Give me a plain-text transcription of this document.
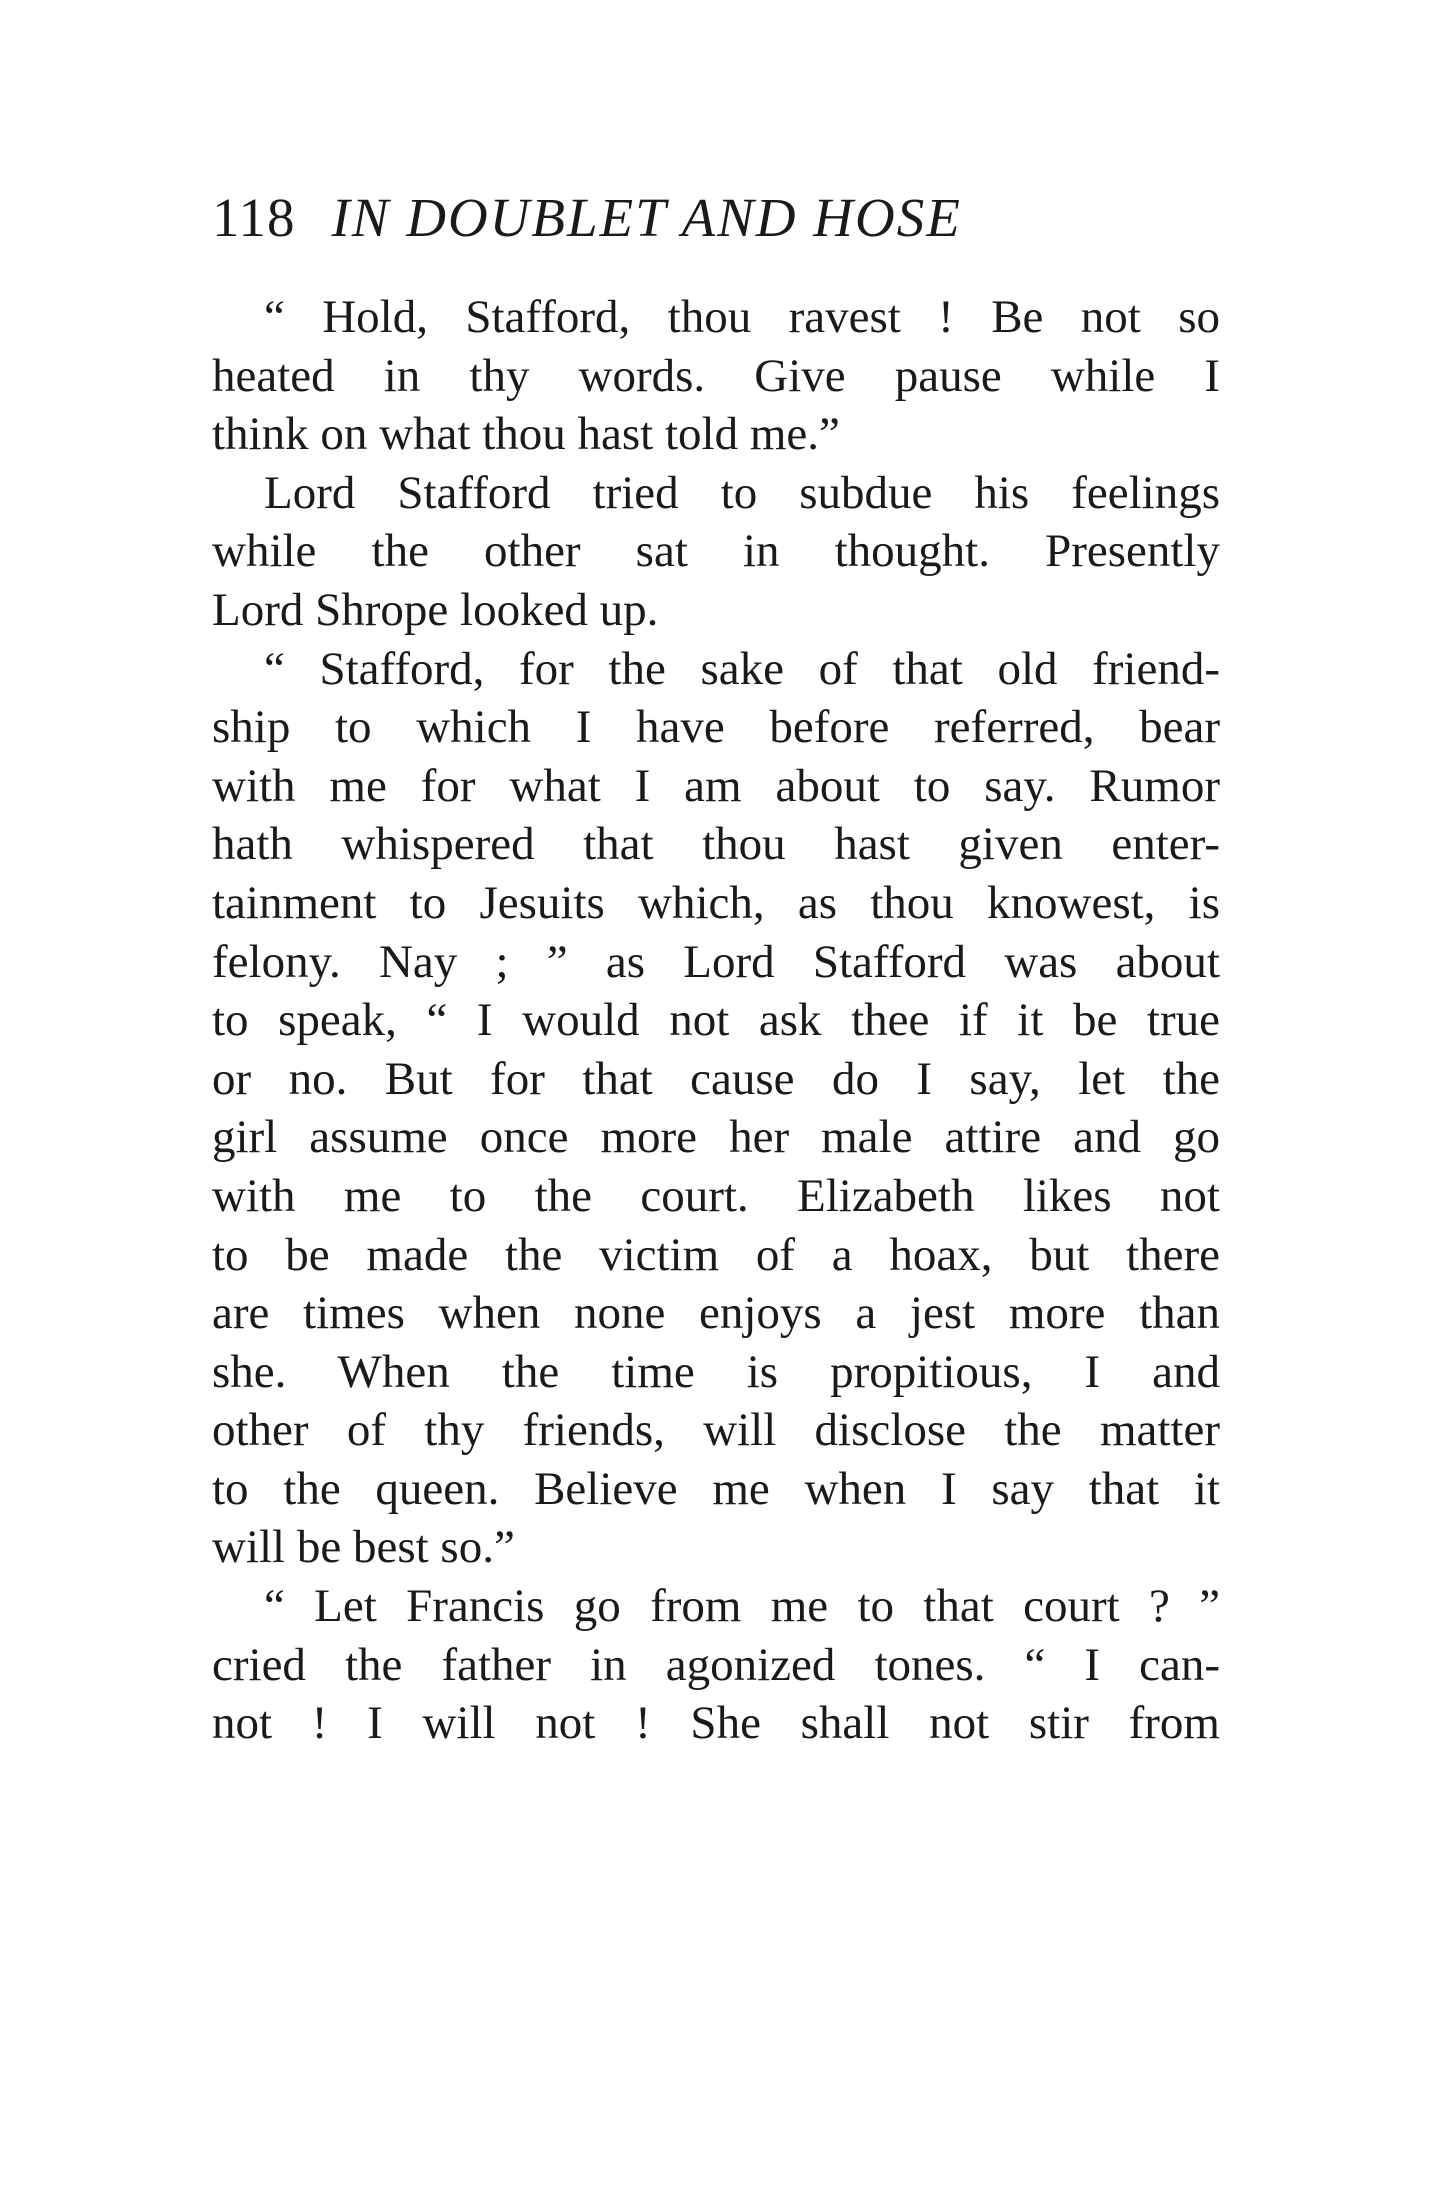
118 IN DOUBLET AND HOSE
“ Hold, Stafford, thou ravest ! Be not so
heated in thy words. Give pause while I
think on what thou hast told me.”
Lord Stafford tried to subdue his feelings
while the other sat in thought. Presently
Lord Shrope looked up.
“ Stafford, for the sake of that old friend-
ship to which I have before referred, bear
with me for what I am about to say. Rumor
hath whispered that thou hast given enter-
tainment to Jesuits which, as thou knowest, is
felony. Nay ; ” as Lord Stafford was about
to speak, “ I would not ask thee if it be true
or no. But for that cause do I say, let the
girl assume once more her male attire and go
with me to the court. Elizabeth likes not
to be made the victim of a hoax, but there
are times when none enjoys a jest more than
she. When the time is propitious, I and
other of thy friends, will disclose the matter
to the queen. Believe me when I say that it
will be best so.”
“ Let Francis go from me to that court ? ”
cried the father in agonized tones. “ I can-
not ! I will not ! She shall not stir from
